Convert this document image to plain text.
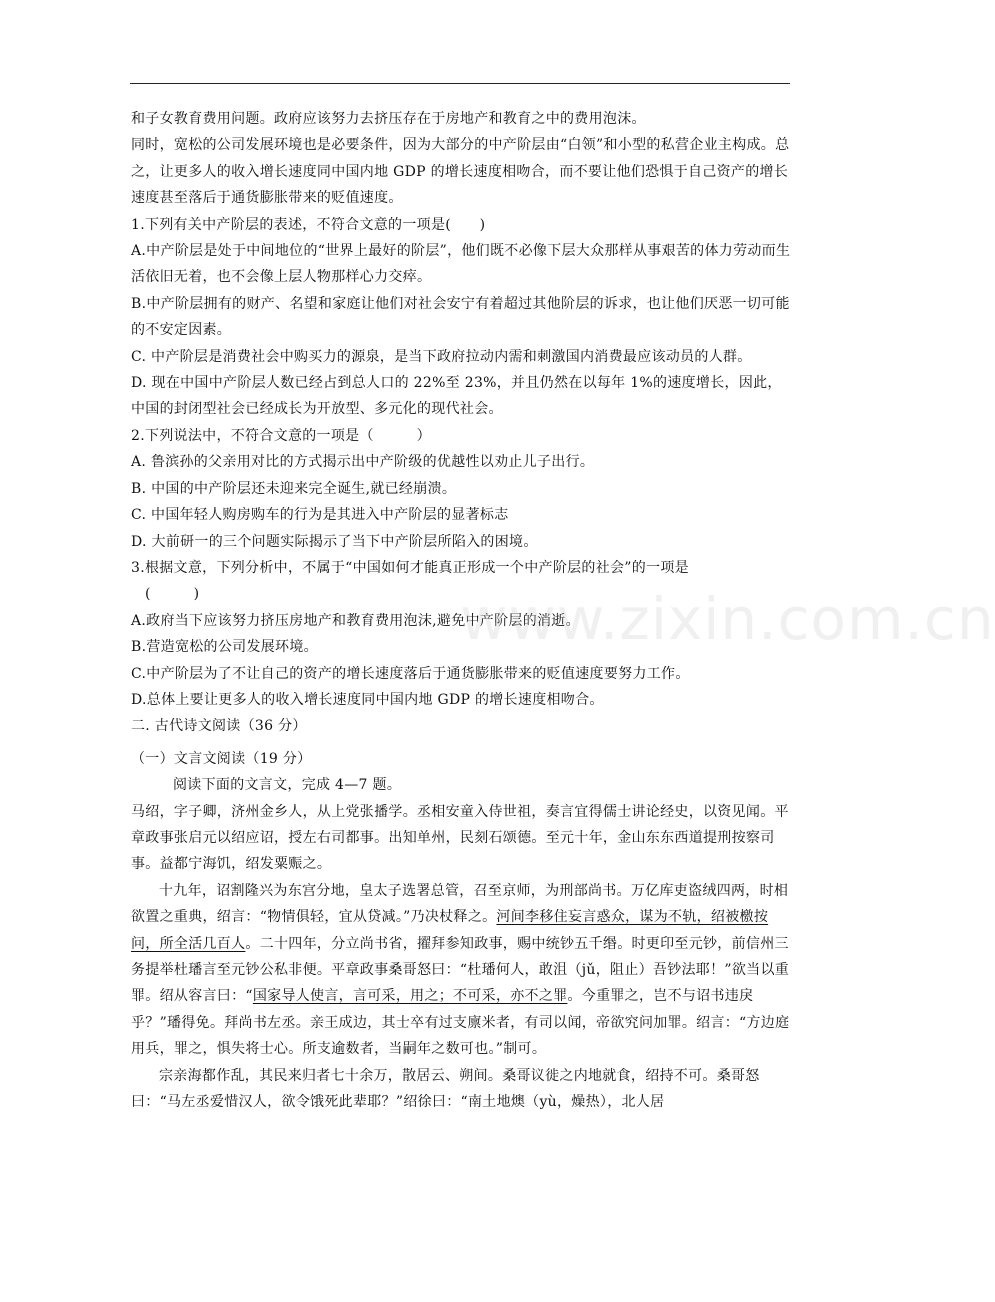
和子女教育费用问题。政府应该努力去挤压存在于房地产和教育之中的费用泡沫。

同时，宽松的公司发展环境也是必要条件，因为大部分的中产阶层由“白领”和小型的私营企业主构成。总之，让更多人的收入增长速度同中国内地 GDP 的增长速度相吻合，而不要让他们恐惧于自己资产的增长速度甚至落后于通货膨胀带来的贬值速度。

1.下列有关中产阶层的表述，不符合文意的一项是(　　)

A.中产阶层是处于中间地位的“世界上最好的阶层”，他们既不必像下层大众那样从事艰苦的体力劳动而生活依旧无着，也不会像上层人物那样心力交瘁。

B.中产阶层拥有的财产、名望和家庭让他们对社会安宁有着超过其他阶层的诉求，也让他们厌恶一切可能的不安定因素。

C. 中产阶层是消费社会中购买力的源泉，是当下政府拉动内需和刺激国内消费最应该动员的人群。

D. 现在中国中产阶层人数已经占到总人口的 22%至 23%，并且仍然在以每年 1%的速度增长，因此，中国的封闭型社会已经成长为开放型、多元化的现代社会。

2.下列说法中，不符合文意的一项是（　　　）

A. 鲁滨孙的父亲用对比的方式揭示出中产阶级的优越性以劝止儿子出行。

B. 中国的中产阶层还未迎来完全诞生,就已经崩溃。

C. 中国年轻人购房购车的行为是其进入中产阶层的显著标志

D. 大前研一的三个问题实际揭示了当下中产阶层所陷入的困境。

3.根据文意，下列分析中，不属于“中国如何才能真正形成一个中产阶层的社会”的一项是

(　　　)

A.政府当下应该努力挤压房地产和教育费用泡沫,避免中产阶层的消逝。

B.营造宽松的公司发展环境。

C.中产阶层为了不让自己的资产的增长速度落后于通货膨胀带来的贬值速度要努力工作。

D.总体上要让更多人的收入增长速度同中国内地 GDP 的增长速度相吻合。

二. 古代诗文阅读（36 分）

（一）文言文阅读（19 分）

阅读下面的文言文，完成 4—7 题。

马绍，字子卿，济州金乡人，从上党张播学。丞相安童入侍世祖，奏言宜得儒士讲论经史，以资见闻。平章政事张启元以绍应诏，授左右司都事。出知单州，民刻石颂德。至元十年，金山东东西道提刑按察司事。益都宁海饥，绍发粟赈之。

十九年，诏割隆兴为东宫分地，皇太子选署总管，召至京师，为刑部尚书。万亿库吏盗绒四两，时相欲置之重典，绍言：“物情俱轻，宜从贷减。”乃决杖释之。河间李移住妄言惑众，谋为不轨，绍被檄按问，所全活几百人。二十四年，分立尚书省，擢拜参知政事，赐中统钞五千缗。时更印至元钞，前信州三务提举杜璠言至元钞公私非便。平章政事桑哥怒曰：“杜璠何人，敢沮（jǔ，阻止）吾钞法耶！”欲当以重罪。绍从容言曰：“国家导人使言，言可采，用之；不可采，亦不之罪。今重罪之，岂不与诏书违戾乎？”璠得免。拜尚书左丞。亲王成边，其士卒有过支廪米者，有司以闻，帝欲究问加罪。绍言：“方边庭用兵，罪之，惧失将士心。所支逾数者，当嗣年之数可也。”制可。

宗亲海都作乱，其民来归者七十余万，散居云、朔间。桑哥议徙之内地就食，绍持不可。桑哥怒曰：“马左丞爱惜汉人，欲令饿死此辈耶？”绍徐曰：“南土地燠（yù，燥热），北人居

www.zixin.com.cn
